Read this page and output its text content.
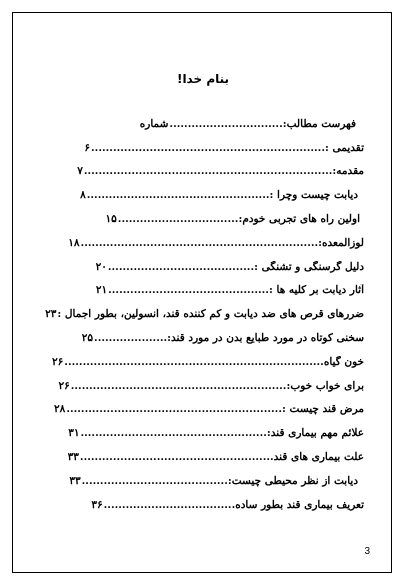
بنام خدا!
فهرست مطالب:
...............................
شماره
تقدیمی :
................................................................
۶
مقدمه:
....................................................................
۷
دیابت چیست وچرا :
..................................................
۸
اولین راه های تجربی خودم:
.................................
۱۵
لوزالمعده:
.................................................................
۱۸
دلیل گرسنگی و تشنگی :
........................................
۲۰
آثار دیابت بر کلیه ها :
............................................
۲۱
ضررهای قرص های ضد دیابت و کم کننده قند، انسولین، بطور اجمال :
۲۳
سخنی کوتاه در مورد طبایع بدن در مورد قند:
....................
۲۵
خون گیاه
.......................................................................
۲۶
برای خواب خوب:
...........................................................
۲۶
مرض قند چیست :
...........................................................
۲۸
علائم مهم بیماری قند:
...................................................
۳۱
علت بیماری های قند
.....................................................
۳۳
دیابت از نظر محیطی چیست:
........................................
۳۳
تعریف بیماری قند بطور ساده
....................................
۳۶
3
